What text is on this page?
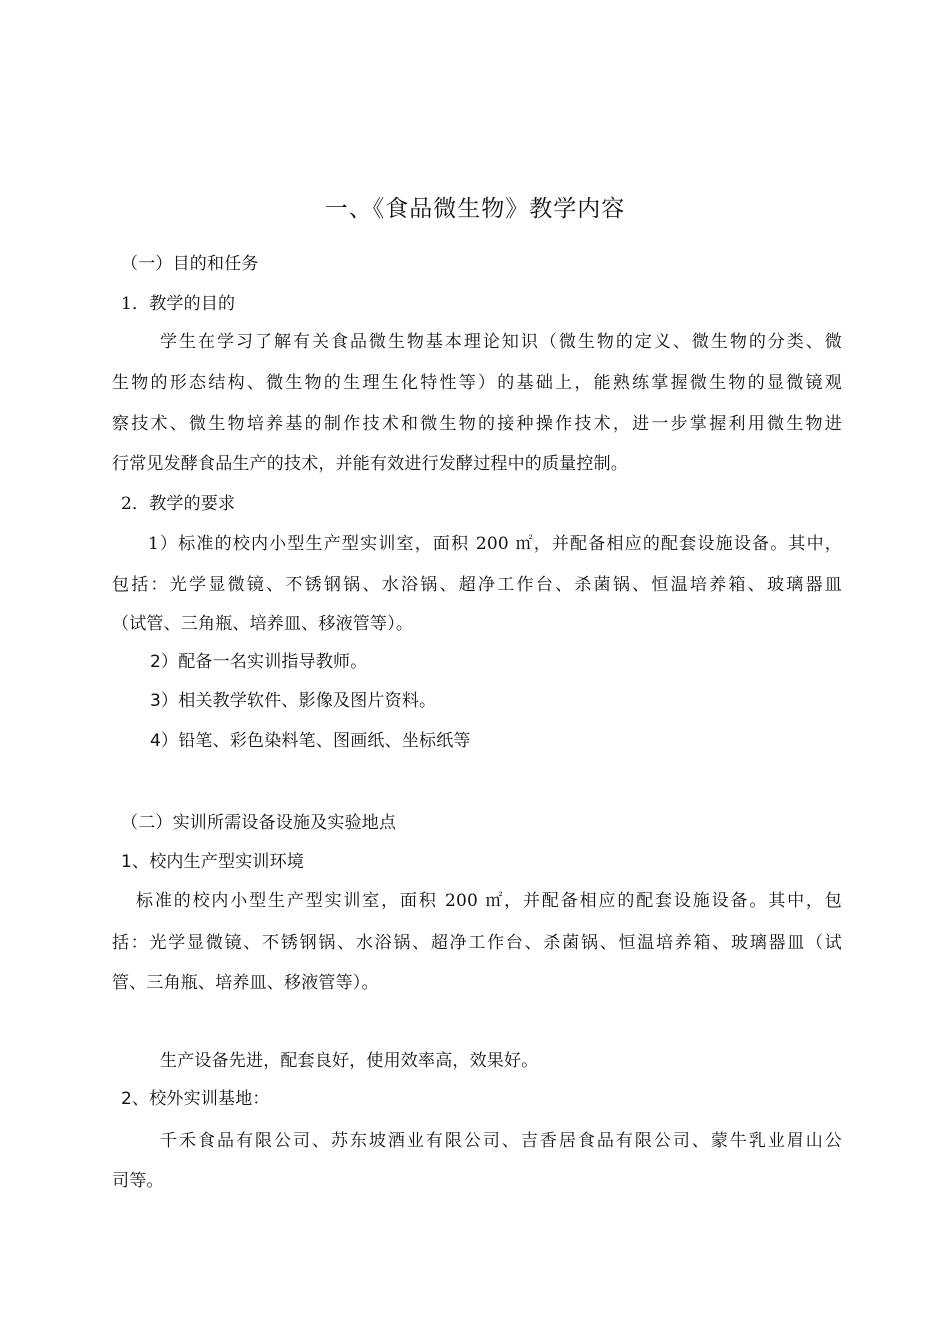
一、《食品微生物》教学内容
（一）目的和任务
1．教学的目的
学生在学习了解有关食品微生物基本理论知识（微生物的定义、微生物的分类、微
生物的形态结构、微生物的生理生化特性等）的基础上，能熟练掌握微生物的显微镜观
察技术、微生物培养基的制作技术和微生物的接种操作技术，进一步掌握利用微生物进
行常见发酵食品生产的技术，并能有效进行发酵过程中的质量控制。
2．教学的要求
1）标准的校内小型生产型实训室，面积 200 ㎡，并配备相应的配套设施设备。其中，
包括：光学显微镜、不锈钢锅、水浴锅、超净工作台、杀菌锅、恒温培养箱、玻璃器皿
（试管、三角瓶、培养皿、移液管等）。
2）配备一名实训指导教师。
3）相关教学软件、影像及图片资料。
4）铅笔、彩色染料笔、图画纸、坐标纸等
（二）实训所需设备设施及实验地点
1、校内生产型实训环境
标准的校内小型生产型实训室，面积 200 ㎡，并配备相应的配套设施设备。其中，包
括：光学显微镜、不锈钢锅、水浴锅、超净工作台、杀菌锅、恒温培养箱、玻璃器皿（试
管、三角瓶、培养皿、移液管等）。
生产设备先进，配套良好，使用效率高，效果好。
2、校外实训基地：
千禾食品有限公司、苏东坡酒业有限公司、吉香居食品有限公司、蒙牛乳业眉山公
司等。
